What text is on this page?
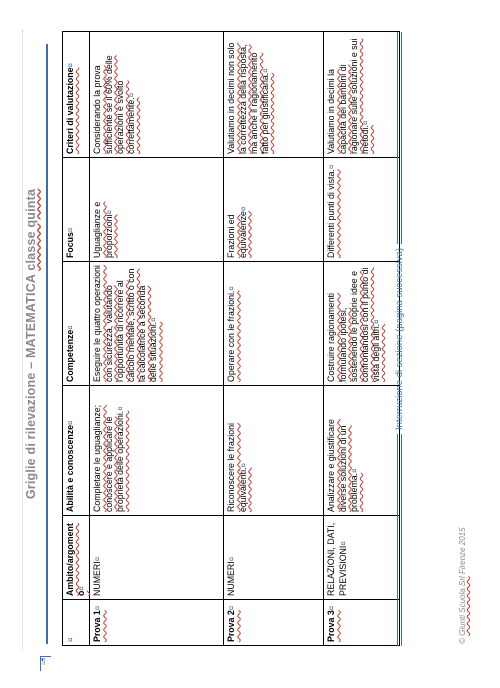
Griglie di rilevazione – MATEMATICA classe quinta
¤	Ambito/argomento¤	Abilità e conoscenze¤	Competenze¤	Focus¤	Criteri di valutazione¤
Prova 1¤	NUMERI¤	Completare le uguaglianze; conoscere e applicare le proprietà delle operazioni.¤	Eseguire le quattro operazioni con sicurezza, valutando l’opportunità di ricorrere al calcolo mentale, scritto o con la calcolatrice a seconda delle situazioni.¤	Uguaglianze e proporzioni¤	Considerando la prova sufficiente se il 60% delle operazioni è svolto correttamente.¤
Prova 2¤	NUMERI¤	Riconoscere le frazioni equivalenti.¤	Operare con le frazioni.¤	Frazioni ed equivalenze¤	Valutiamo in decimi non solo la correttezza della risposta, ma anche il ragionamento fatto per giustificarla.¤
Prova 3¤	RELAZIONI, DATI, PREVISIONI¤	Analizzare e giustificare diverse soluzioni di un problema.¤	Costruire ragionamenti formulando ipotesi, sostenendo le proprie idee e confrontandosi con il punto di vista degli altri.¤	Differenti punti di vista.¤	Valutiamo in decimi la capacità dei bambini di ragionare sulle soluzioni e sui metodi.¤
Interruzione di sezione (pagina successiva)
© Giunti Scuola Srl Firenze 2015
¶
